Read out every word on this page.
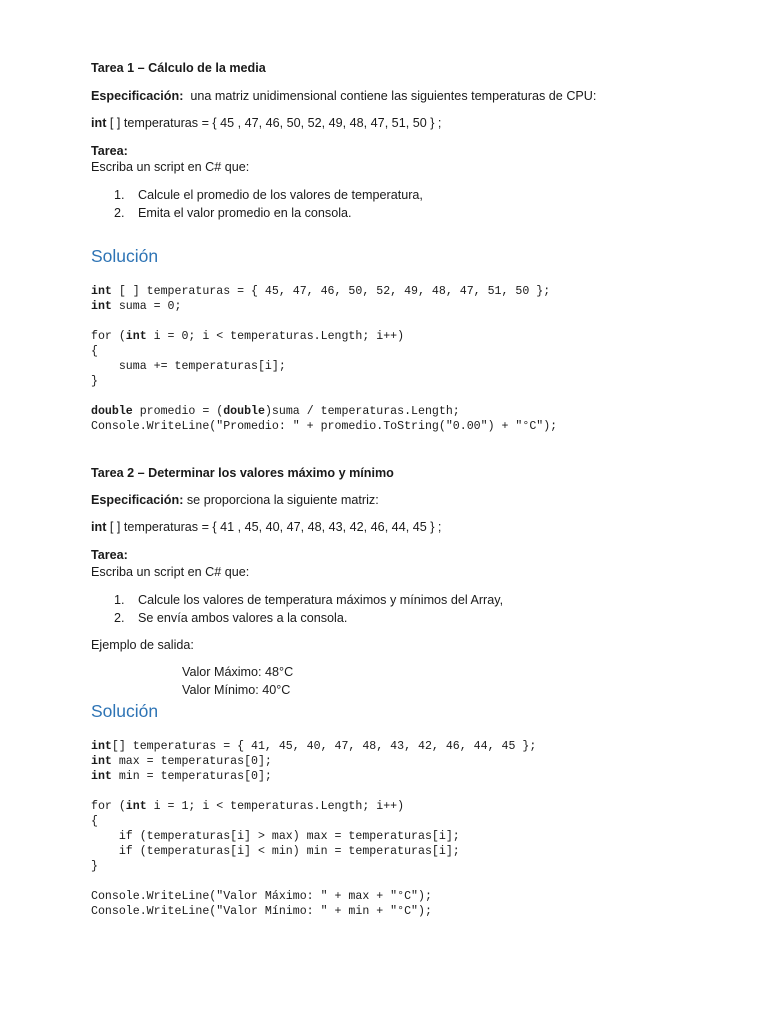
Tarea 1 – Cálculo de la media
Especificación:  una matriz unidimensional contiene las siguientes temperaturas de CPU:
int [ ] temperaturas = { 45 , 47, 46, 50, 52, 49, 48, 47, 51, 50 } ;
Tarea:
Escriba un script en C# que:
1. Calcule el promedio de los valores de temperatura,
2. Emita el valor promedio en la consola.
Solución
int [ ] temperaturas = { 45, 47, 46, 50, 52, 49, 48, 47, 51, 50 };
int suma = 0;
for (int i = 0; i < temperaturas.Length; i++)
{
suma += temperaturas[i];
}
double promedio = (double)suma / temperaturas.Length;
Console.WriteLine("Promedio: " + promedio.ToString("0.00") + "°C");
Tarea 2 – Determinar los valores máximo y mínimo
Especificación: se proporciona la siguiente matriz:
int [ ] temperaturas = { 41 , 45, 40, 47, 48, 43, 42, 46, 44, 45 } ;
Tarea:
Escriba un script en C# que:
1. Calcule los valores de temperatura máximos y mínimos del Array,
2. Se envía ambos valores a la consola.
Ejemplo de salida:
Valor Máximo: 48°C
Valor Mínimo: 40°C
Solución
int[] temperaturas = { 41, 45, 40, 47, 48, 43, 42, 46, 44, 45 };
int max = temperaturas[0];
int min = temperaturas[0];
for (int i = 1; i < temperaturas.Length; i++)
{
if (temperaturas[i] > max) max = temperaturas[i];
if (temperaturas[i] < min) min = temperaturas[i];
}
Console.WriteLine("Valor Máximo: " + max + "°C");
Console.WriteLine("Valor Mínimo: " + min + "°C");
